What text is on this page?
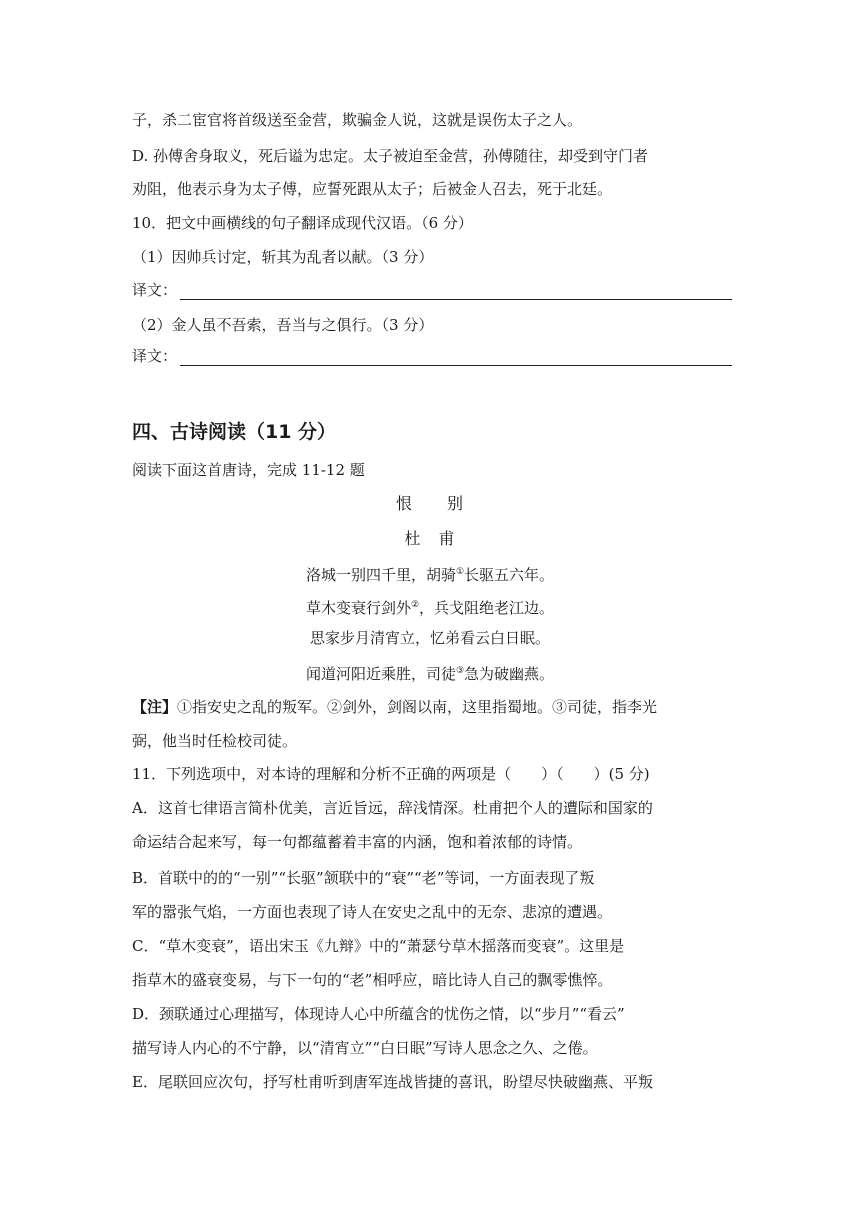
子，杀二宦官将首级送至金营，欺骗金人说，这就是误伤太子之人。
D. 孙傅舍身取义，死后谥为忠定。太子被迫至金营，孙傅随往，却受到守门者
劝阻，他表示身为太子傅，应誓死跟从太子；后被金人召去，死于北廷。
10．把文中画横线的句子翻译成现代汉语。（6 分）
（1）因帅兵讨定，斩其为乱者以献。（3 分）
译文：
（2）金人虽不吾索，吾当与之俱行。（3 分）
译文：
四、古诗阅读（11 分）
阅读下面这首唐诗，完成 11-12 题
恨　　别
杜　甫
洛城一别四千里，胡骑①长驱五六年。
草木变衰行剑外②，兵戈阻绝老江边。
思家步月清宵立，忆弟看云白日眠。
闻道河阳近乘胜，司徒③急为破幽燕。
【注】①指安史之乱的叛军。②剑外，剑阁以南，这里指蜀地。③司徒，指李光
弼，他当时任检校司徒。
11．下列选项中，对本诗的理解和分析不正确的两项是（　　）（　　）(5 分)
A．这首七律语言简朴优美，言近旨远，辞浅情深。杜甫把个人的遭际和国家的
命运结合起来写，每一句都蕴蓄着丰富的内涵，饱和着浓郁的诗情。
B．首联中的的“一别”“长驱”颔联中的“衰”“老”等词，一方面表现了叛
军的嚣张气焰，一方面也表现了诗人在安史之乱中的无奈、悲凉的遭遇。
C．“草木变衰”，语出宋玉《九辩》中的“萧瑟兮草木摇落而变衰”。这里是
指草木的盛衰变易，与下一句的“老”相呼应，暗比诗人自己的飘零憔悴。
D．颈联通过心理描写，体现诗人心中所蕴含的忧伤之情，以“步月”“看云”
描写诗人内心的不宁静，以“清宵立”“白日眠”写诗人思念之久、之倦。
E．尾联回应次句，抒写杜甫听到唐军连战皆捷的喜讯，盼望尽快破幽燕、平叛
